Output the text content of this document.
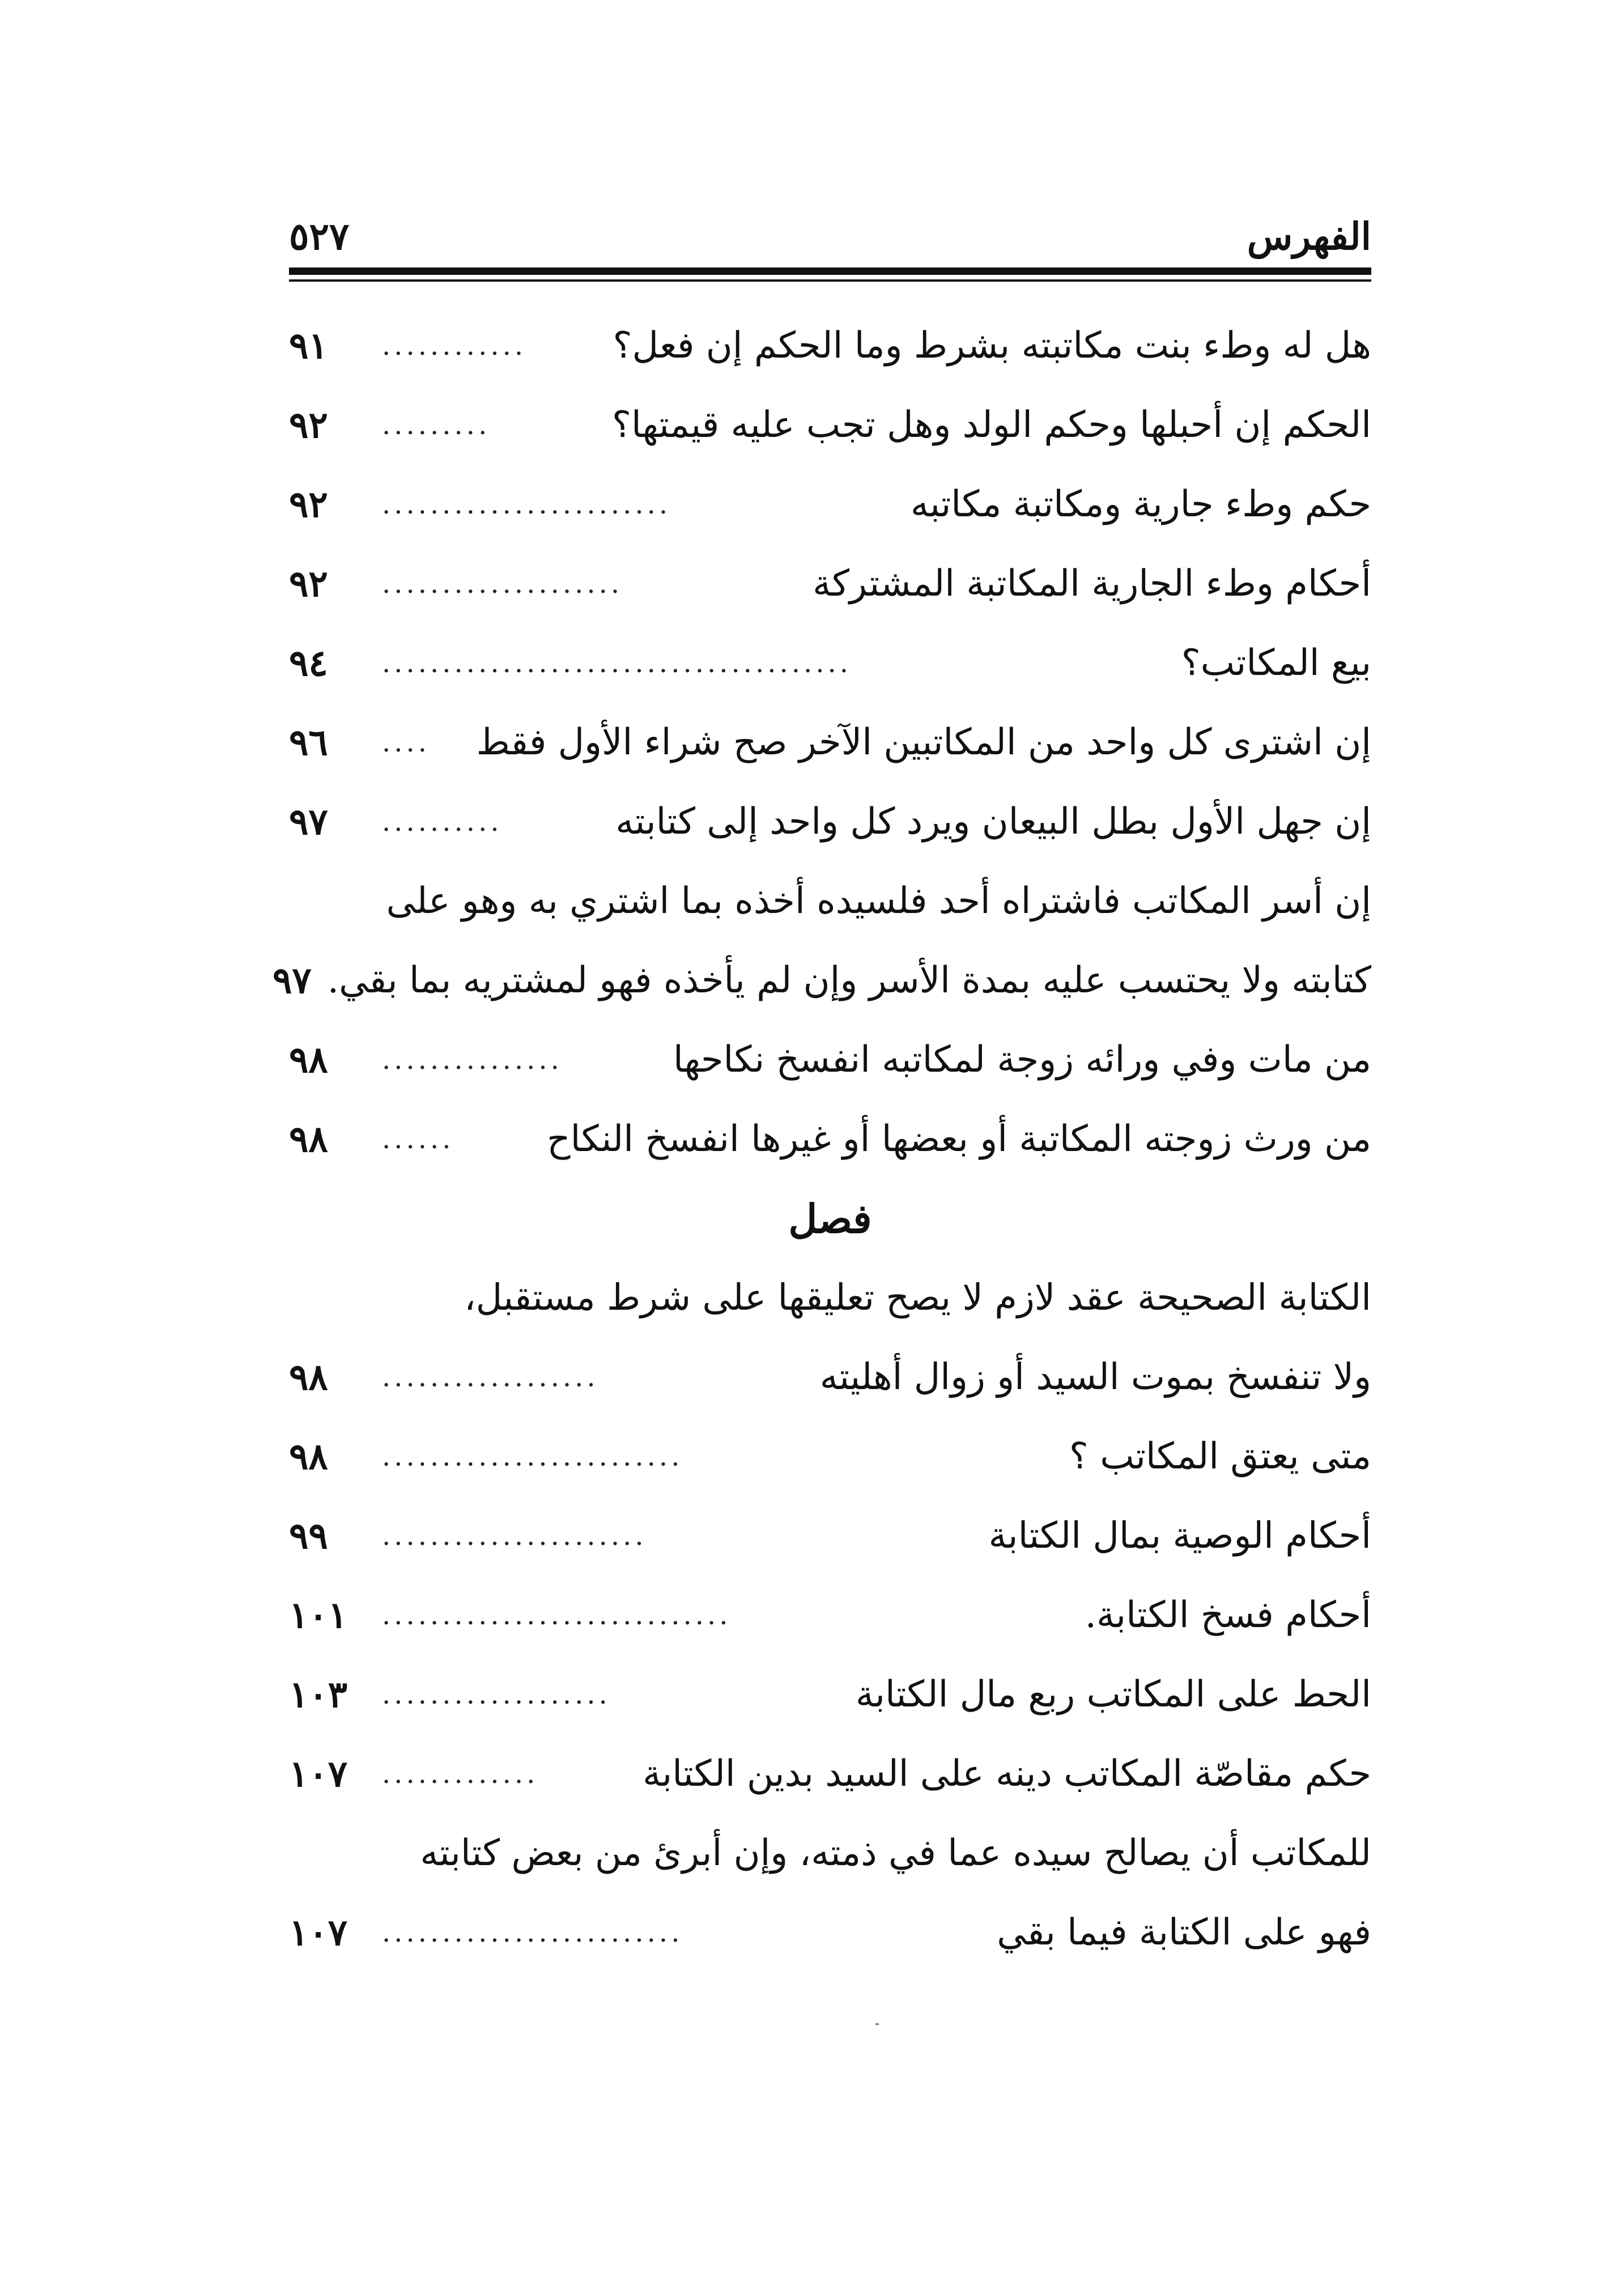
الفهرس
٥٢٧
هل له وطء بنت مكاتبته بشرط وما الحكم إن فعل؟
............
٩١
الحكم إن أحبلها وحكم الولد وهل تجب عليه قيمتها؟
.........
٩٢
حكم وطء جارية ومكاتبة مكاتبه
........................
٩٢
أحكام وطء الجارية المكاتبة المشتركة
....................
٩٢
بيع المكاتب؟
.......................................
٩٤
إن اشترى كل واحد من المكاتبين الآخر صح شراء الأول فقط
....
٩٦
إن جهل الأول بطل البيعان ويرد كل واحد إلى كتابته
..........
٩٧
إن أسر المكاتب فاشتراه أحد فلسيده أخذه بما اشتري به وهو على
كتابته ولا يحتسب عليه بمدة الأسر وإن لم يأخذه فهو لمشتريه بما بقي.
٩٧
من مات وفي ورائه زوجة لمكاتبه انفسخ نكاحها
...............
٩٨
من ورث زوجته المكاتبة أو بعضها أو غيرها انفسخ النكاح
......
٩٨
فصل
الكتابة الصحيحة عقد لازم لا يصح تعليقها على شرط مستقبل،
ولا تنفسخ بموت السيد أو زوال أهليته
..................
٩٨
متى يعتق المكاتب ؟
.........................
٩٨
أحكام الوصية بمال الكتابة
......................
٩٩
أحكام فسخ الكتابة.
.............................
١٠١
الحط على المكاتب ربع مال الكتابة
...................
١٠٣
حكم مقاصّة المكاتب دينه على السيد بدين الكتابة
.............
١٠٧
للمكاتب أن يصالح سيده عما في ذمته، وإن أبرئ من بعض كتابته
فهو على الكتابة فيما بقي
.........................
١٠٧
